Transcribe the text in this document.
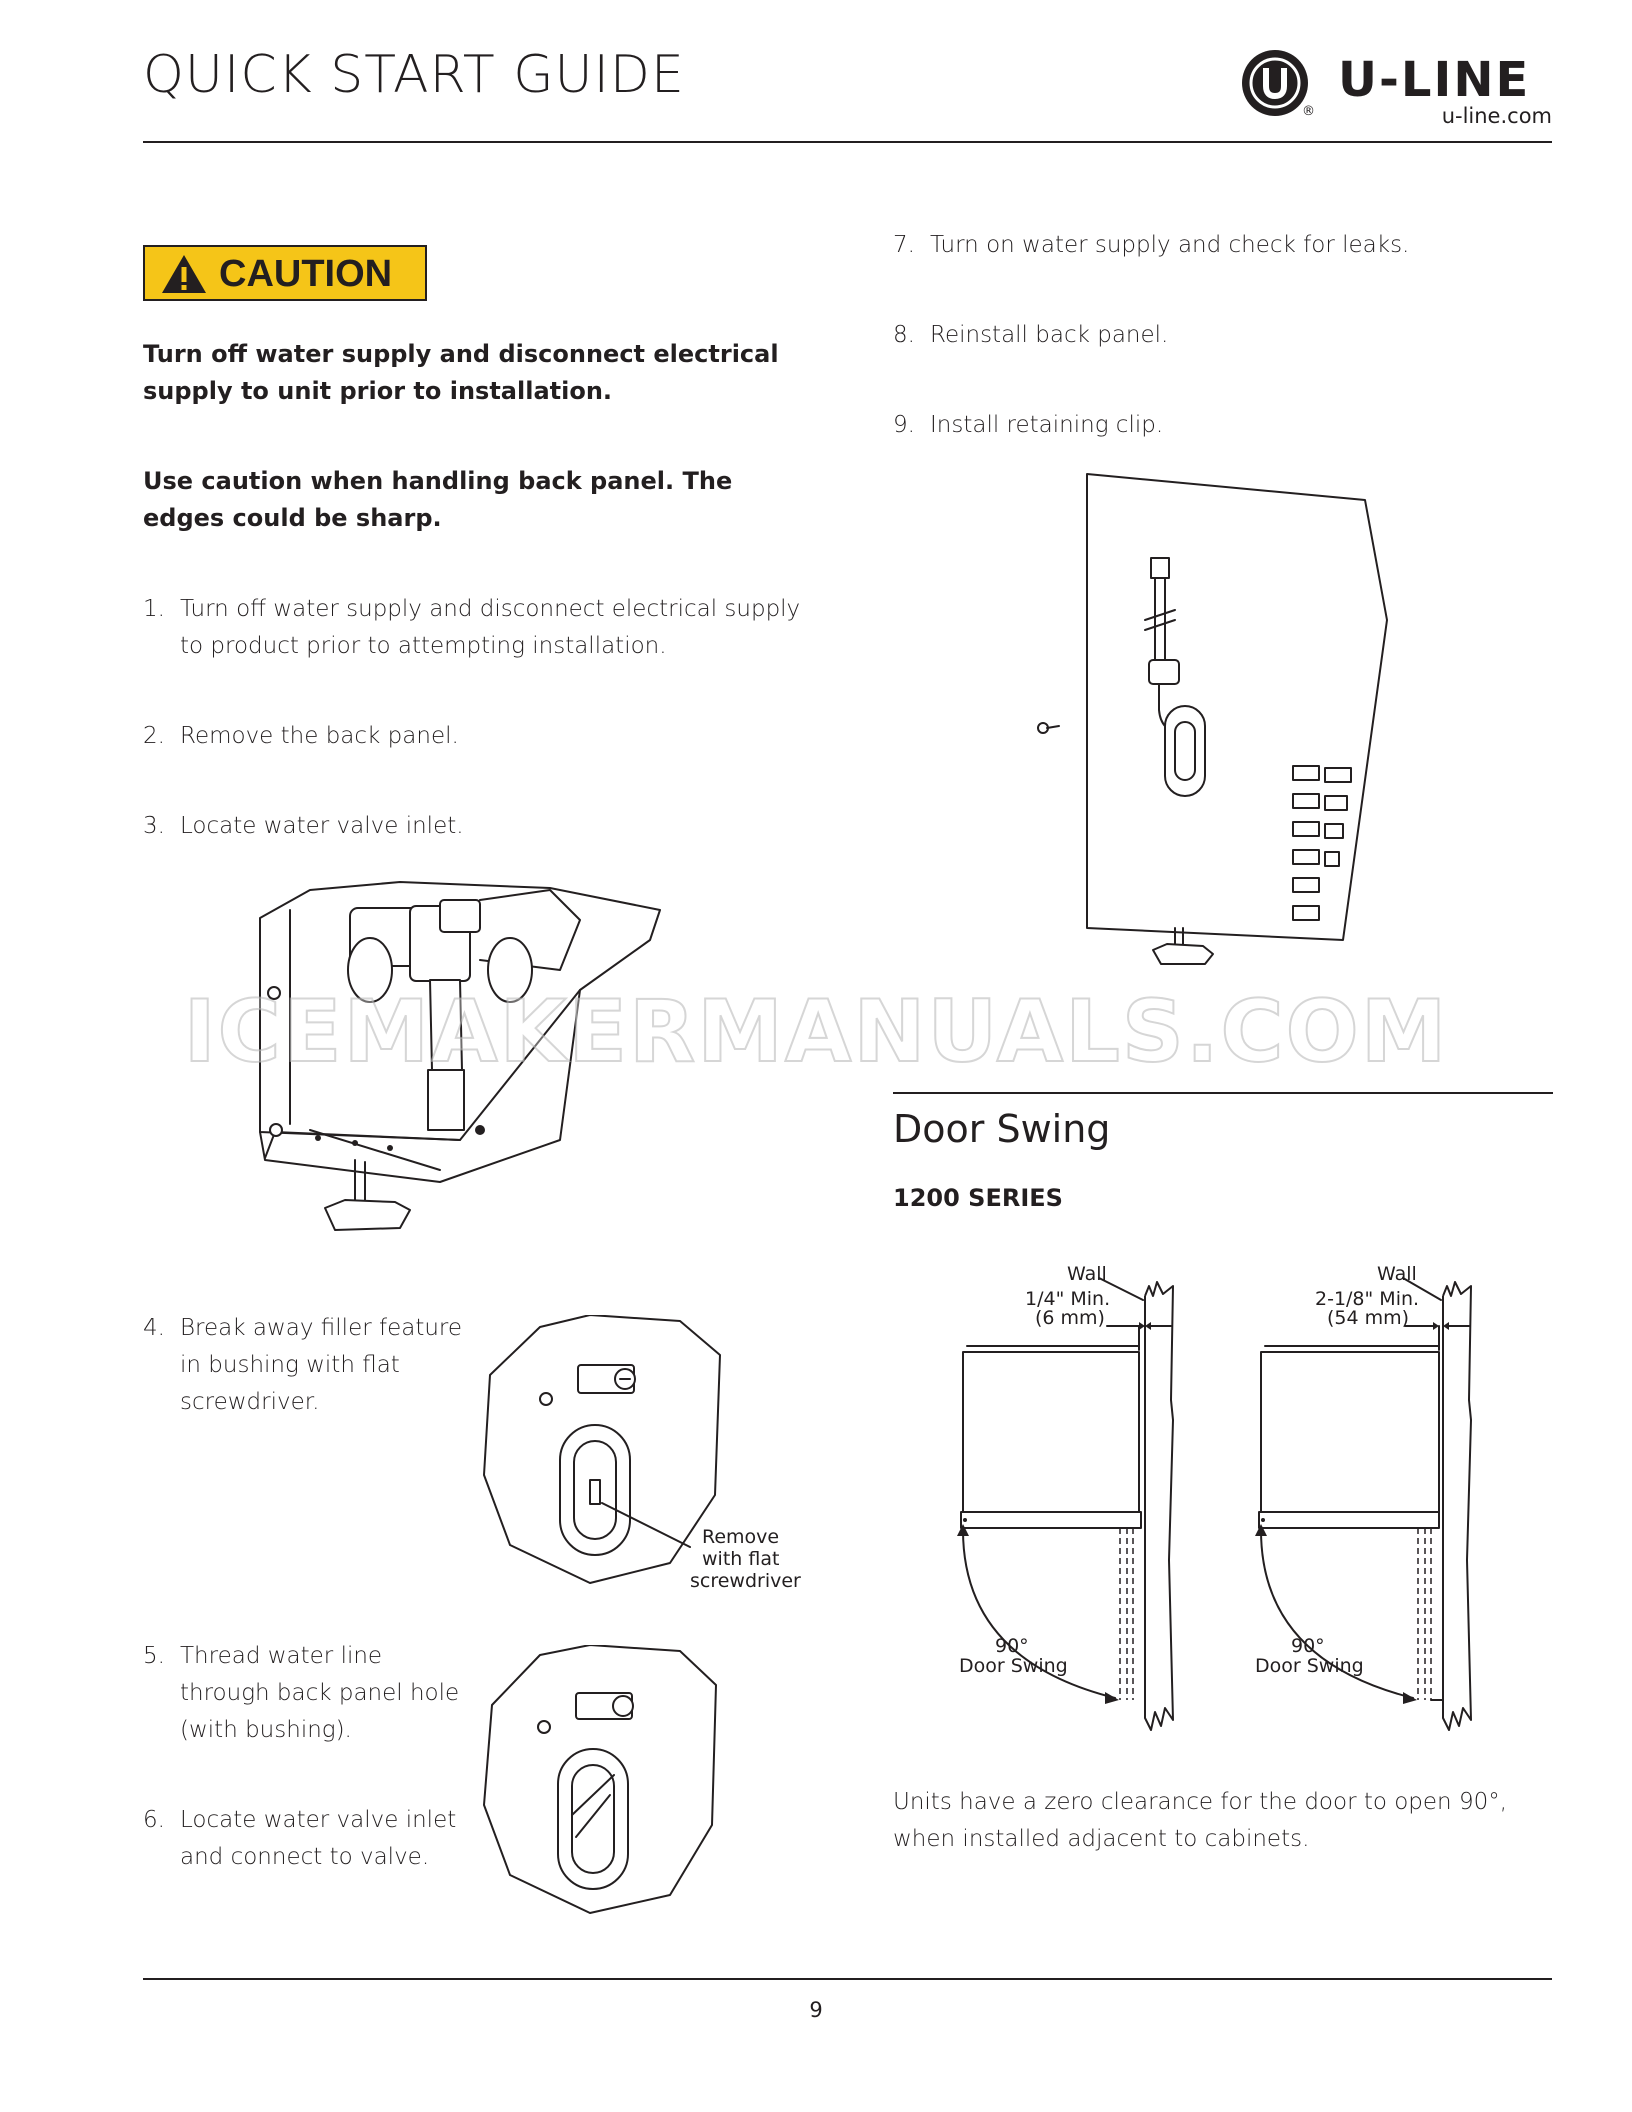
QUICK START GUIDE
®
U-LINE
u-line.com
CAUTION

Turn off water supply and disconnect electrical supply to unit prior to installation.

Use caution when handling back panel. The edges could be sharp.

1. Turn off water supply and disconnect electrical supply
to product prior to attempting installation.
2. Remove the back panel.
3. Locate water valve inlet.
4. Break away filler feature
in bushing with flat
screwdriver.
Remove
with flat
screwdriver
5. Thread water line
through back panel hole
(with bushing).
6. Locate water valve inlet
and connect to valve.
7. Turn on water supply and check for leaks.
8. Reinstall back panel.
9. Install retaining clip.
Door Swing
1200 SERIES
Wall
1/4" Min.
(6 mm)
90°
Door Swing
Wall
2-1/8" Min.
(54 mm)
90°
Door Swing

Units have a zero clearance for the door to open 90°, when installed adjacent to cabinets.

ICEMAKERMANUALS.COM
9
